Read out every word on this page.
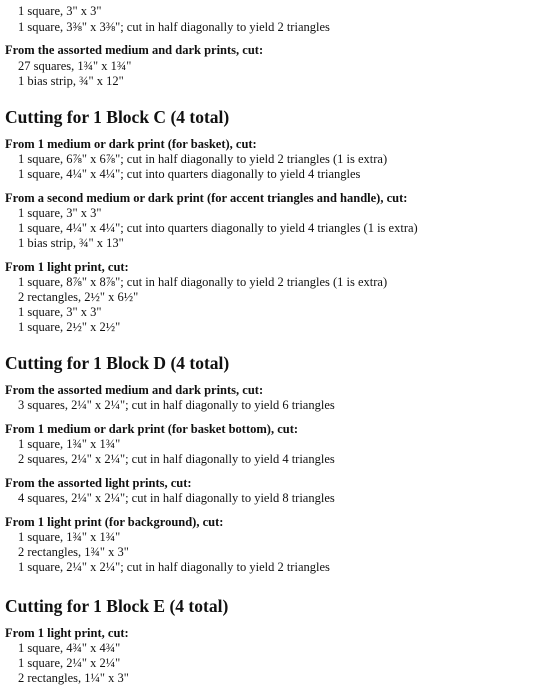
1 square, 3" x 3"
1 square, 3⅜" x 3⅜"; cut in half diagonally to yield 2 triangles
From the assorted medium and dark prints, cut:
27 squares, 1¾" x 1¾"
1 bias strip, ¾" x 12"
Cutting for 1 Block C (4 total)
From 1 medium or dark print (for basket), cut:
1 square, 6⅞" x 6⅞"; cut in half diagonally to yield 2 triangles (1 is extra)
1 square, 4¼" x 4¼"; cut into quarters diagonally to yield 4 triangles
From a second medium or dark print (for accent triangles and handle), cut:
1 square, 3" x 3"
1 square, 4¼" x 4¼"; cut into quarters diagonally to yield 4 triangles (1 is extra)
1 bias strip, ¾" x 13"
From 1 light print, cut:
1 square, 8⅞" x 8⅞"; cut in half diagonally to yield 2 triangles (1 is extra)
2 rectangles, 2½" x 6½"
1 square, 3" x 3"
1 square, 2½" x 2½"
Cutting for 1 Block D (4 total)
From the assorted medium and dark prints, cut:
3 squares, 2¼" x 2¼"; cut in half diagonally to yield 6 triangles
From 1 medium or dark print (for basket bottom), cut:
1 square, 1¾" x 1¾"
2 squares, 2¼" x 2¼"; cut in half diagonally to yield 4 triangles
From the assorted light prints, cut:
4 squares, 2¼" x 2¼"; cut in half diagonally to yield 8 triangles
From 1 light print (for background), cut:
1 square, 1¾" x 1¾"
2 rectangles, 1¾" x 3"
1 square, 2¼" x 2¼"; cut in half diagonally to yield 2 triangles
Cutting for 1 Block E (4 total)
From 1 light print, cut:
1 square, 4¾" x 4¾"
1 square, 2¼" x 2¼"
2 rectangles, 1¼" x 3"
